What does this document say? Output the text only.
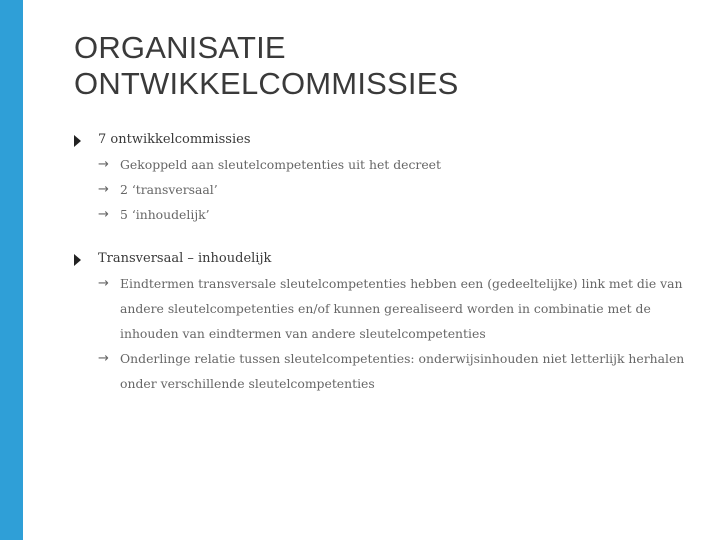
ORGANISATIE
ONTWIKKELCOMMISSIES
7 ontwikkelcommissies
→ Gekoppeld aan sleutelcompetenties uit het decreet
→ 2 ‘transversaal’
→ 5 ‘inhoudelijk’
Transversaal – inhoudelijk
→ Eindtermen transversale sleutelcompetenties hebben een (gedeeltelijke) link met die van andere sleutelcompetenties en/of kunnen gerealiseerd worden in combinatie met de inhouden van eindtermen van andere sleutelcompetenties
→ Onderlinge relatie tussen sleutelcompetenties: onderwijsinhouden niet letterlijk herhalen onder verschillende sleutelcompetenties
